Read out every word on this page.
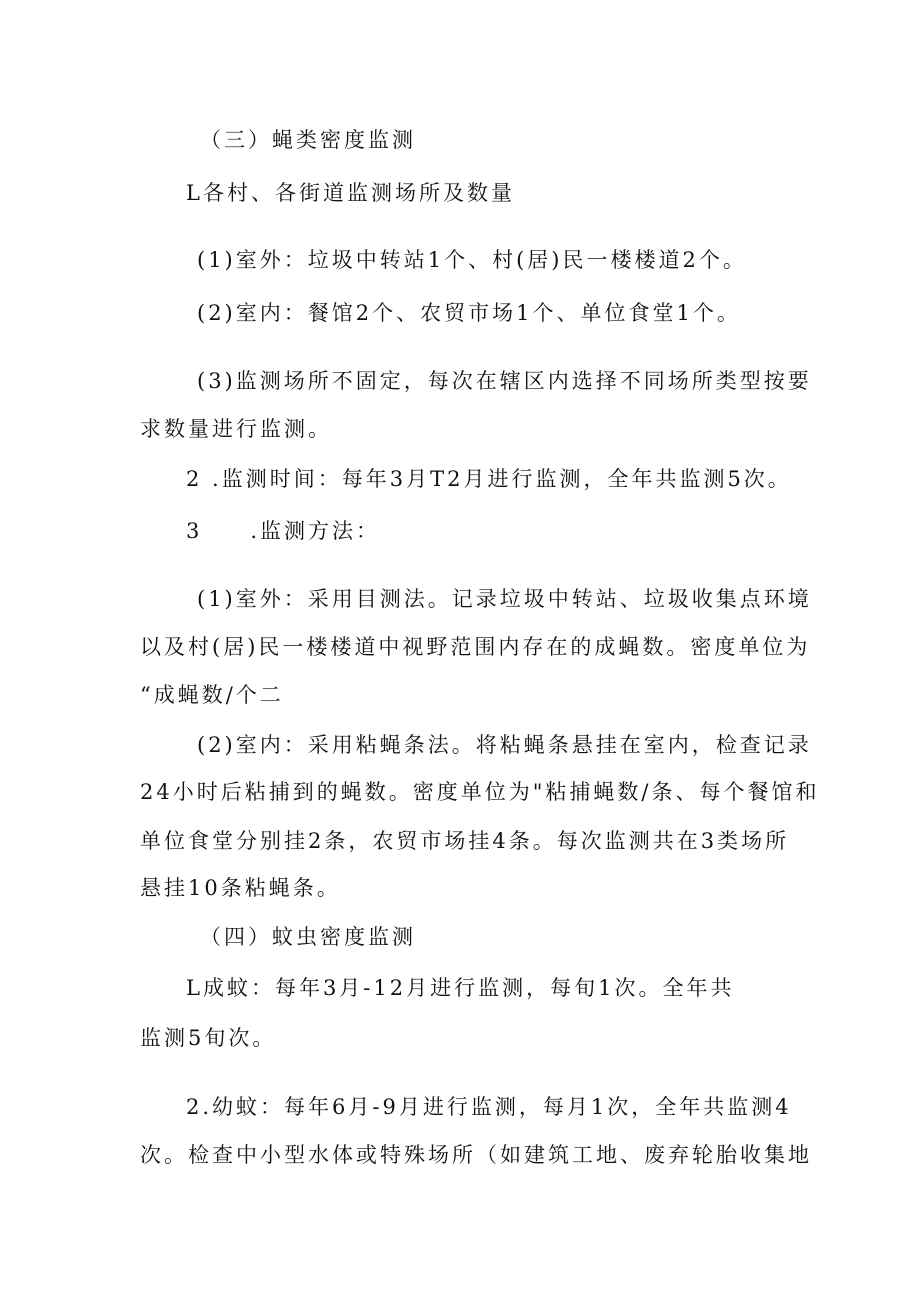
（三）蝇类密度监测
L各村、各街道监测场所及数量
(1)室外：垃圾中转站1个、村(居)民一楼楼道2个。
(2)室内：餐馆2个、农贸市场1个、单位食堂1个。
(3)监测场所不固定，每次在辖区内选择不同场所类型按要
求数量进行监测。
2 .监测时间：每年3月T2月进行监测，全年共监测5次。
3　　.监测方法：
(1)室外：采用目测法。记录垃圾中转站、垃圾收集点环境
以及村(居)民一楼楼道中视野范围内存在的成蝇数。密度单位为
“成蝇数/个二
(2)室内：采用粘蝇条法。将粘蝇条悬挂在室内，检查记录
24小时后粘捕到的蝇数。密度单位为"粘捕蝇数/条、每个餐馆和
单位食堂分别挂2条，农贸市场挂4条。每次监测共在3类场所
悬挂10条粘蝇条。
（四）蚊虫密度监测
L成蚊：每年3月-12月进行监测，每旬1次。全年共
监测5旬次。
2.幼蚊：每年6月-9月进行监测，每月1次，全年共监测4
次。检查中小型水体或特殊场所（如建筑工地、废弃轮胎收集地
